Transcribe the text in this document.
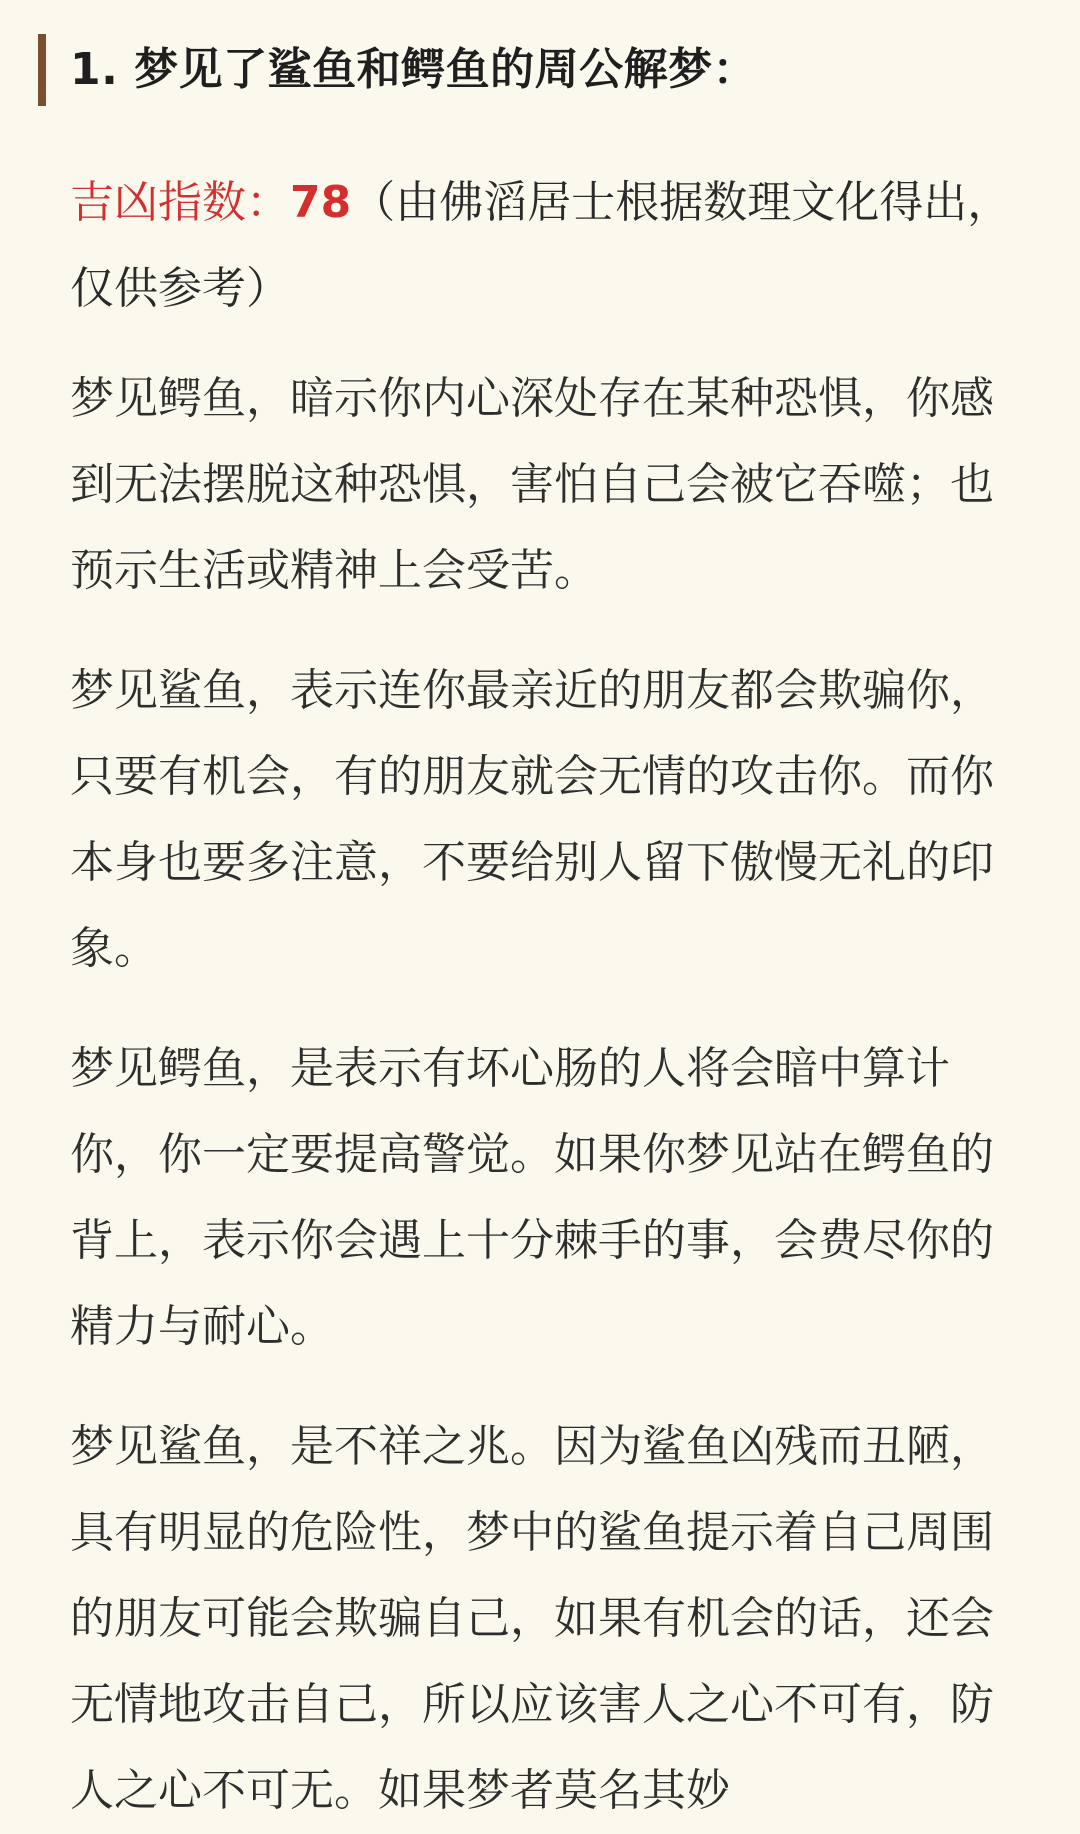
1. 梦见了鲨鱼和鳄鱼的周公解梦：

吉凶指数：78（由佛滔居士根据数理文化得出，仅供参考）

梦见鳄鱼，暗示你内心深处存在某种恐惧，你感到无法摆脱这种恐惧，害怕自己会被它吞噬；也预示生活或精神上会受苦。

梦见鲨鱼，表示连你最亲近的朋友都会欺骗你，只要有机会，有的朋友就会无情的攻击你。而你本身也要多注意，不要给别人留下傲慢无礼的印象。

梦见鳄鱼，是表示有坏心肠的人将会暗中算计你，你一定要提高警觉。如果你梦见站在鳄鱼的背上，表示你会遇上十分棘手的事，会费尽你的精力与耐心。

梦见鲨鱼，是不祥之兆。因为鲨鱼凶残而丑陋，具有明显的危险性，梦中的鲨鱼提示着自己周围的朋友可能会欺骗自己，如果有机会的话，还会无情地攻击自己，所以应该害人之心不可有，防人之心不可无。如果梦者莫名其妙
